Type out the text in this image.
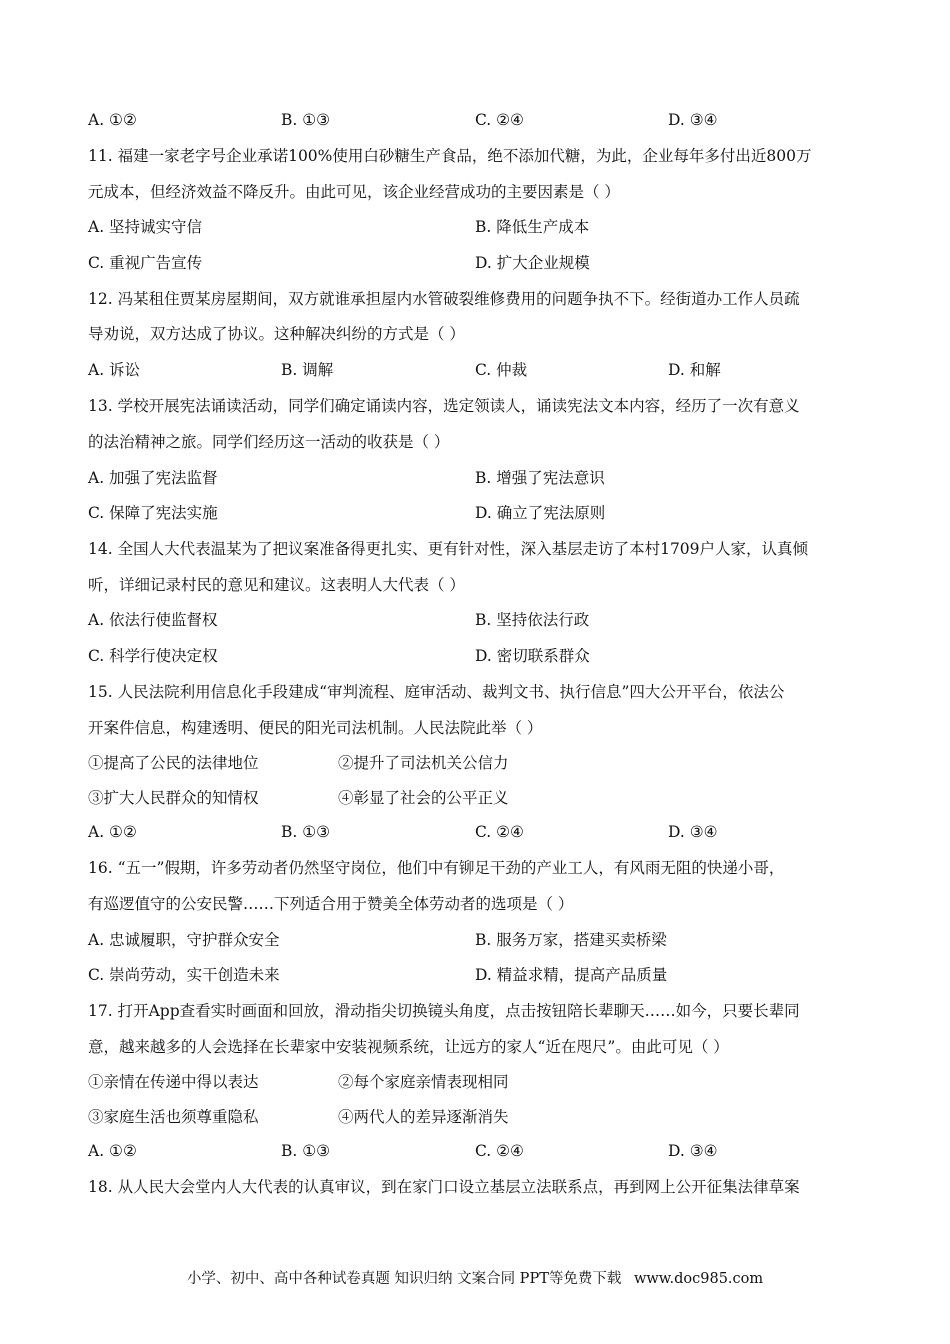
A. ①②	B. ①③	C. ②④	D. ③④
11. 福建一家老字号企业承诺100%使用白砂糖生产食品，绝不添加代糖，为此，企业每年多付出近800万
元成本，但经济效益不降反升。由此可见，该企业经营成功的主要因素是（ ）
A. 坚持诚实守信	B. 降低生产成本
C. 重视广告宣传	D. 扩大企业规模
12. 冯某租住贾某房屋期间，双方就谁承担屋内水管破裂维修费用的问题争执不下。经街道办工作人员疏
导劝说，双方达成了协议。这种解决纠纷的方式是（ ）
A. 诉讼	B. 调解	C. 仲裁	D. 和解
13. 学校开展宪法诵读活动，同学们确定诵读内容，选定领读人，诵读宪法文本内容，经历了一次有意义
的法治精神之旅。同学们经历这一活动的收获是（ ）
A. 加强了宪法监督	B. 增强了宪法意识
C. 保障了宪法实施	D. 确立了宪法原则
14. 全国人大代表温某为了把议案准备得更扎实、更有针对性，深入基层走访了本村1709户人家，认真倾
听，详细记录村民的意见和建议。这表明人大代表（ ）
A. 依法行使监督权	B. 坚持依法行政
C. 科学行使决定权	D. 密切联系群众
15. 人民法院利用信息化手段建成“审判流程、庭审活动、裁判文书、执行信息”四大公开平台，依法公
开案件信息，构建透明、便民的阳光司法机制。人民法院此举（ ）
①提高了公民的法律地位	②提升了司法机关公信力
③扩大人民群众的知情权	④彰显了社会的公平正义
A. ①②	B. ①③	C. ②④	D. ③④
16. “五一”假期，许多劳动者仍然坚守岗位，他们中有铆足干劲的产业工人，有风雨无阻的快递小哥，
有巡逻值守的公安民警……下列适合用于赞美全体劳动者的选项是（ ）
A. 忠诚履职，守护群众安全	B. 服务万家，搭建买卖桥梁
C. 崇尚劳动，实干创造未来	D. 精益求精，提高产品质量
17. 打开App查看实时画面和回放，滑动指尖切换镜头角度，点击按钮陪长辈聊天……如今，只要长辈同
意，越来越多的人会选择在长辈家中安装视频系统，让远方的家人“近在咫尺”。由此可见（ ）
①亲情在传递中得以表达	②每个家庭亲情表现相同
③家庭生活也须尊重隐私	④两代人的差异逐渐消失
A. ①②	B. ①③	C. ②④	D. ③④
18. 从人民大会堂内人大代表的认真审议，到在家门口设立基层立法联系点，再到网上公开征集法律草案
小学、初中、高中各种试卷真题 知识归纳 文案合同 PPT等免费下载 www.doc985.com
